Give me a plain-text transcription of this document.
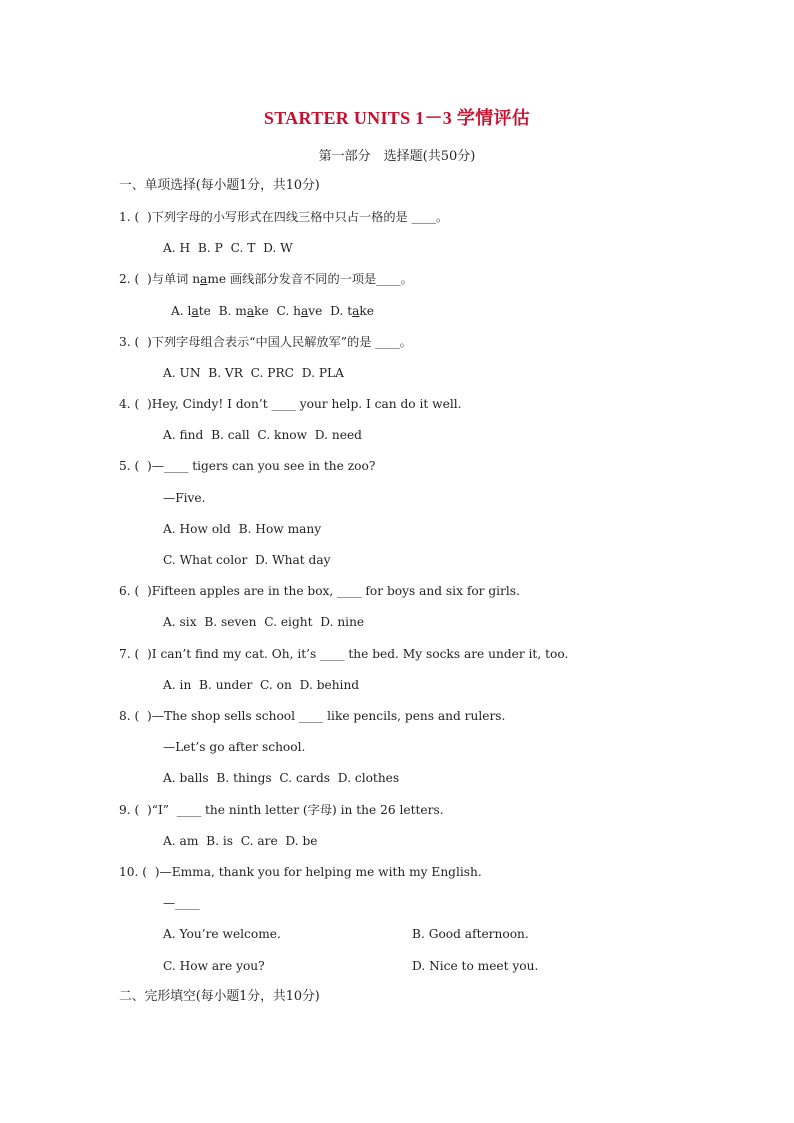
STARTER UNITS 1－3 学情评估
第一部分　选择题(共50分)
一、单项选择(每小题1分，共10分)
1. (  )下列字母的小写形式在四线三格中只占一格的是 ____。
A. H  B. P  C. T  D. W
2. (  )与单词 name 画线部分发音不同的一项是____。
A. late  B. make  C. have  D. take
3. (  )下列字母组合表示“中国人民解放军”的是 ____。
A. UN  B. VR  C. PRC  D. PLA
4. (  )Hey, Cindy! I don’t ____ your help. I can do it well.
A. find  B. call  C. know  D. need
5. (  )—____ tigers can you see in the zoo?
—Five.
A. How old  B. How many
C. What color  D. What day
6. (  )Fifteen apples are in the box, ____ for boys and six for girls.
A. six  B. seven  C. eight  D. nine
7. (  )I can’t find my cat. Oh, it’s ____ the bed. My socks are under it, too.
A. in  B. under  C. on  D. behind
8. (  )—The shop sells school ____ like pencils, pens and rulers.
—Let’s go after school.
A. balls  B. things  C. cards  D. clothes
9. (  )“I”  ____ the ninth letter (字母) in the 26 letters.
A. am  B. is  C. are  D. be
10. (  )—Emma, thank you for helping me with my English.
—____
A. You’re welcome.	B. Good afternoon.
C. How are you?	D. Nice to meet you.
二、完形填空(每小题1分，共10分)
